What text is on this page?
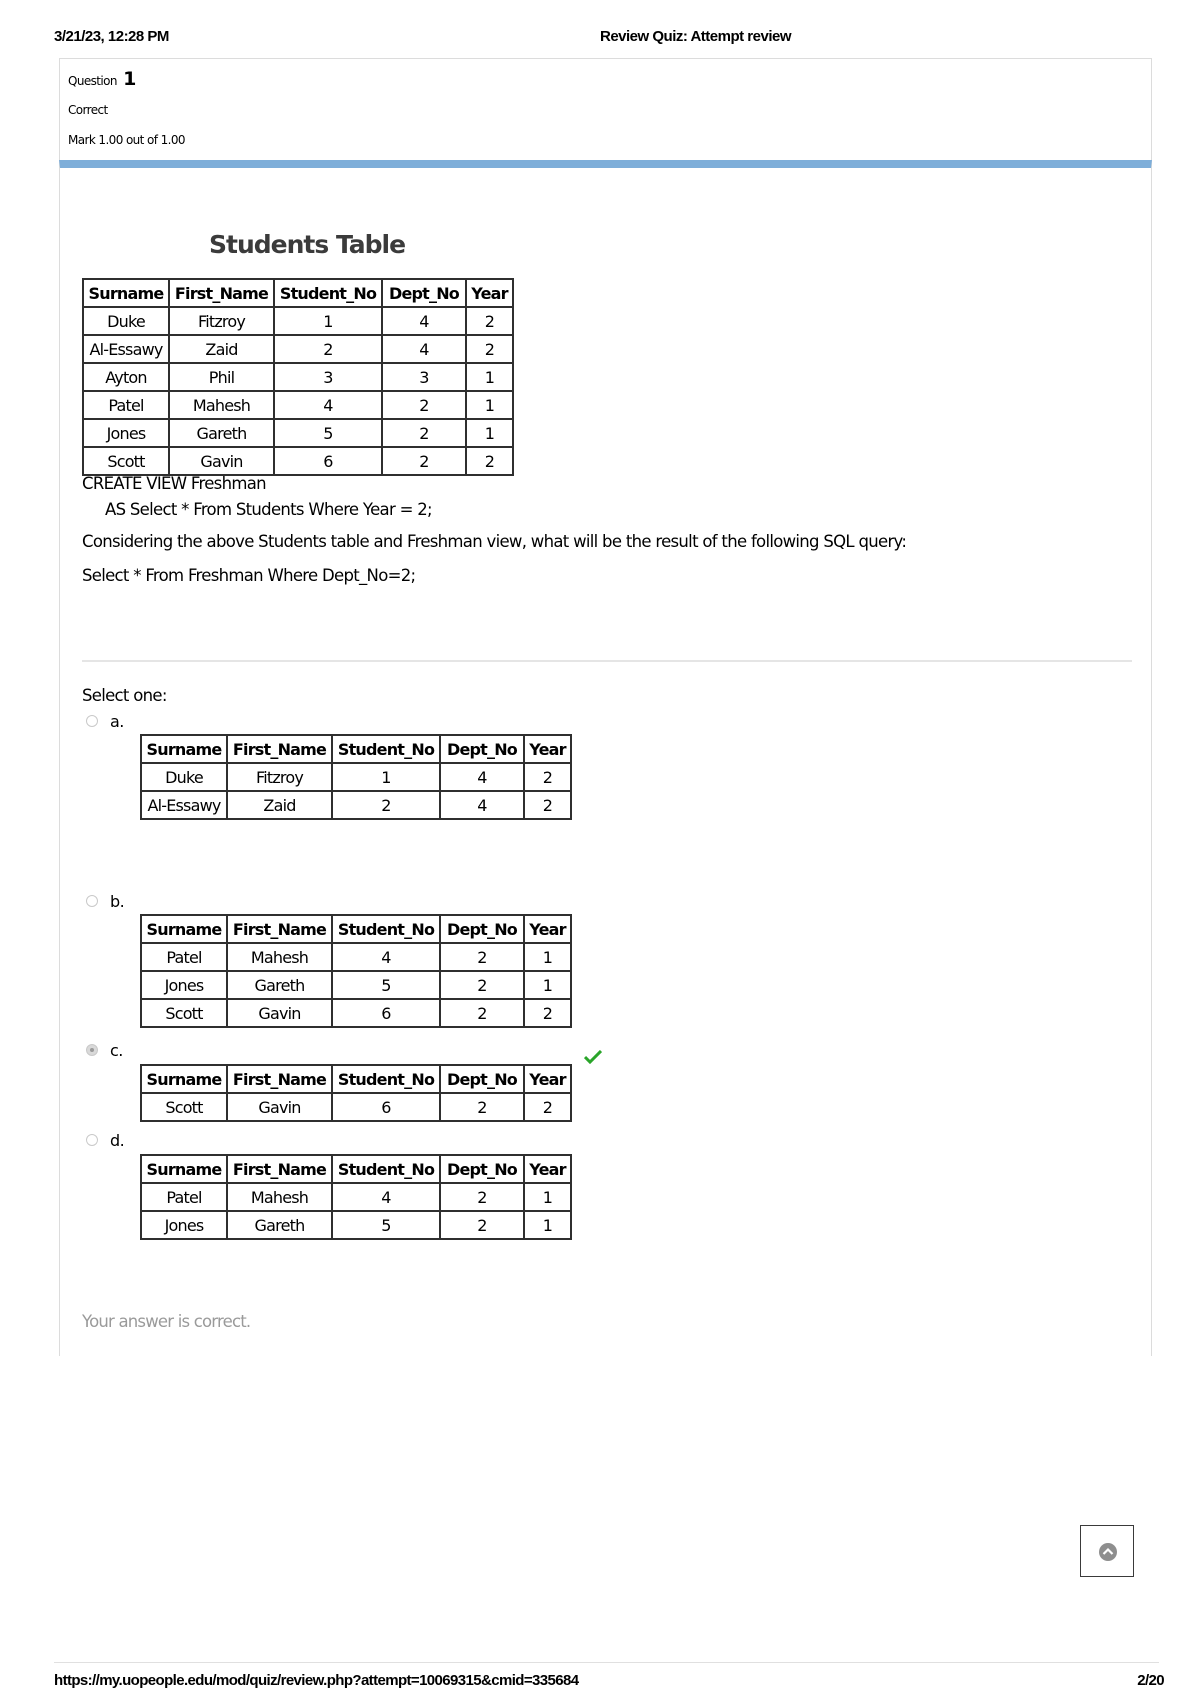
3/21/23, 12:28 PM	Review Quiz: Attempt review
Question 1
Correct
Mark 1.00 out of 1.00
Students Table
Surname	First_Name	Student_No	Dept_No	Year
Duke	Fitzroy	1	4	2
Al-Essawy	Zaid	2	4	2
Ayton	Phil	3	3	1
Patel	Mahesh	4	2	1
Jones	Gareth	5	2	1
Scott	Gavin	6	2	2
CREATE VIEW Freshman
AS Select * From Students Where Year = 2;
Considering the above Students table and Freshman view, what will be the result of the following SQL query:
Select * From Freshman Where Dept_No=2;
Select one:
a.
Surname	First_Name	Student_No	Dept_No	Year
Duke	Fitzroy	1	4	2
Al-Essawy	Zaid	2	4	2
b.
Surname	First_Name	Student_No	Dept_No	Year
Patel	Mahesh	4	2	1
Jones	Gareth	5	2	1
Scott	Gavin	6	2	2
c.
Surname	First_Name	Student_No	Dept_No	Year
Scott	Gavin	6	2	2
d.
Surname	First_Name	Student_No	Dept_No	Year
Patel	Mahesh	4	2	1
Jones	Gareth	5	2	1
Your answer is correct.
https://my.uopeople.edu/mod/quiz/review.php?attempt=10069315&cmid=335684	2/20
